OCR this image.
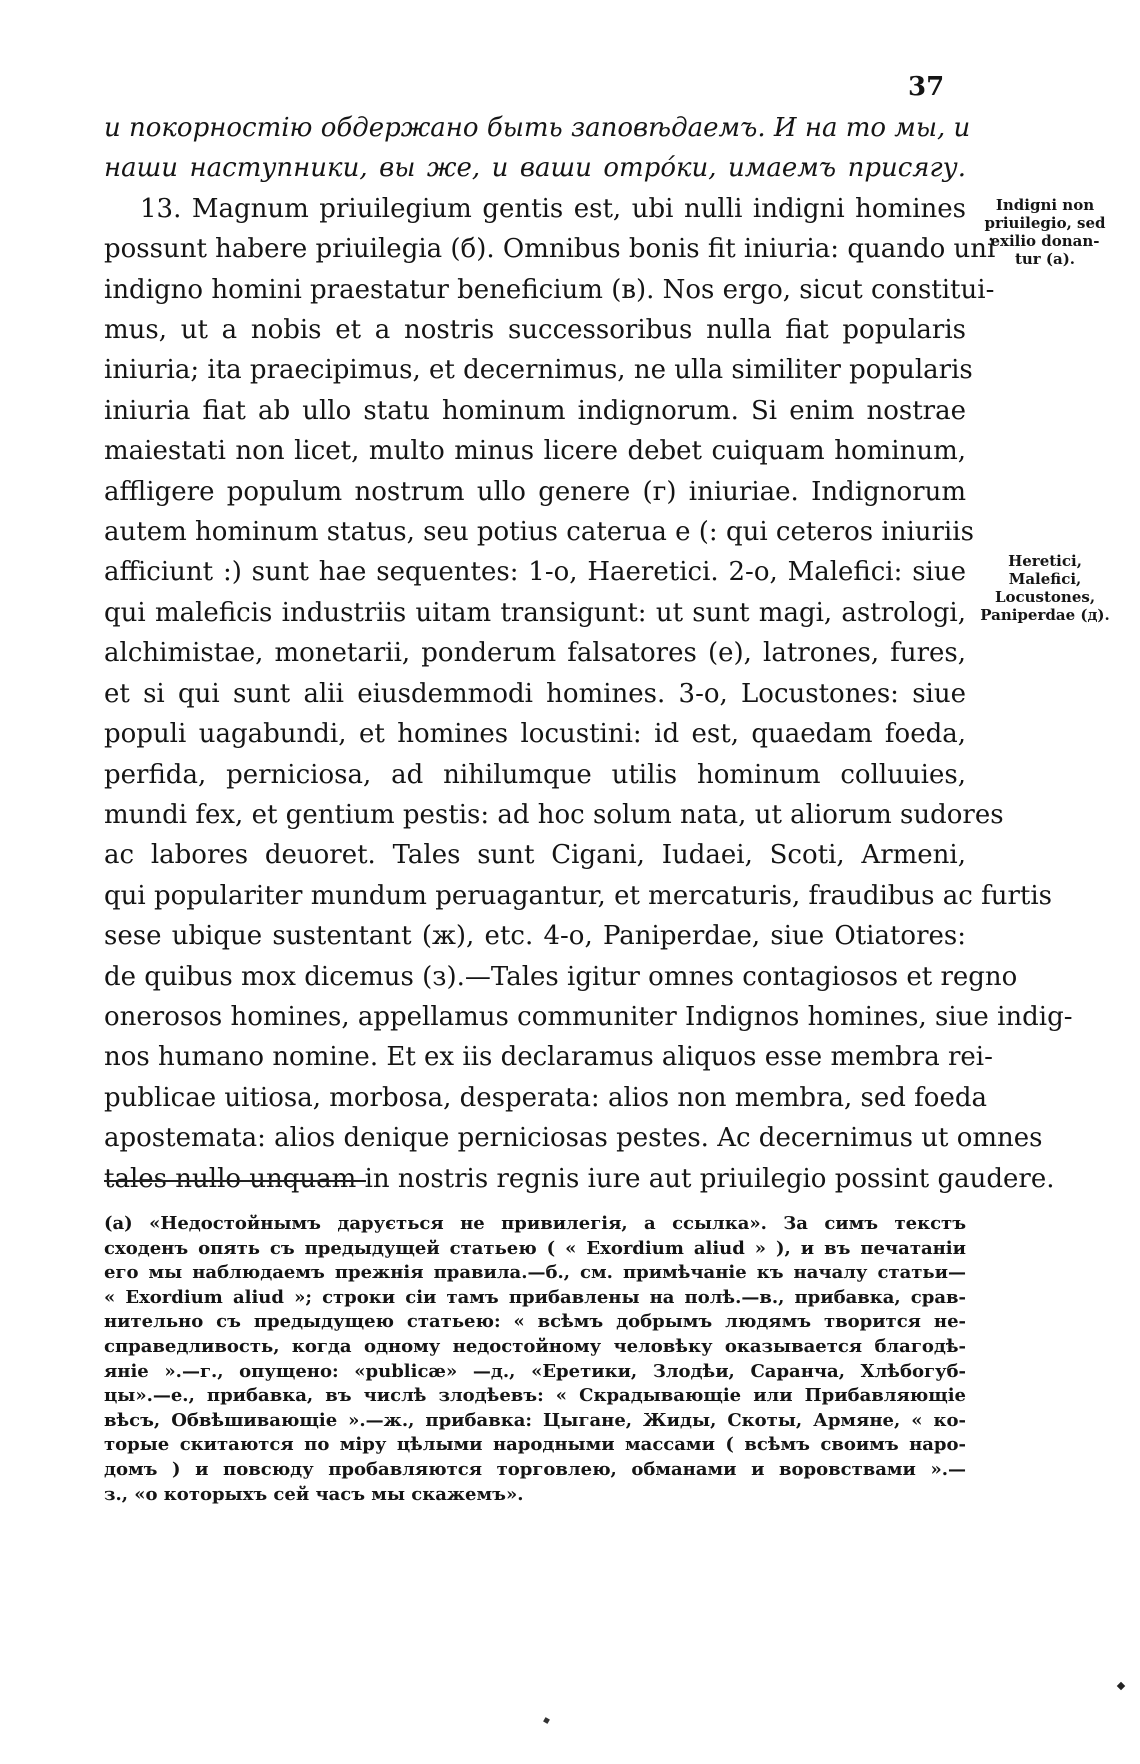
37
и покорностію обдержано быть заповѣдаемъ. И на то мы, и
наши наступники, вы же, и ваши отрóки, имаемъ присягу.
13. Magnum priuilegium gentis est, ubi nulli indigni homines
possunt habere priuilegia (б). Omnibus bonis fit iniuria: quando uni
indigno homini praestatur beneficium (в). Nos ergo, sicut constitui-
mus, ut a nobis et a nostris successoribus nulla fiat popularis
iniuria; ita praecipimus, et decernimus, ne ulla similiter popularis
iniuria fiat ab ullo statu hominum indignorum. Si enim nostrae
maiestati non licet, multo minus licere debet cuiquam hominum,
affligere populum nostrum ullo genere (г) iniuriae. Indignorum
autem hominum status, seu potius caterua e (: qui ceteros iniuriis
afficiunt :) sunt hae sequentes: 1-o, Haeretici. 2-o, Malefici: siue
qui maleficis industriis uitam transigunt: ut sunt magi, astrologi,
alchimistae, monetarii, ponderum falsatores (е), latrones, fures,
et si qui sunt alii eiusdemmodi homines. 3-o, Locustones: siue
populi uagabundi, et homines locustini: id est, quaedam foeda,
perfida, perniciosa, ad nihilumque utilis hominum colluuies,
mundi fex, et gentium pestis: ad hoc solum nata, ut aliorum sudores
ac labores deuoret. Tales sunt Cigani, Iudaei, Scoti, Armeni,
qui populariter mundum peruagantur, et mercaturis, fraudibus ac furtis
sese ubique sustentant (ж), etc. 4-o, Paniperdae, siue Otiatores:
de quibus mox dicemus (з).—Tales igitur omnes contagiosos et regno
onerosos homines, appellamus communiter Indignos homines, siue indig-
nos humano nomine. Et ex iis declaramus aliquos esse membra rei-
publicae uitiosa, morbosa, desperata: alios non membra, sed foeda
apostemata: alios denique perniciosas pestes. Ac decernimus ut omnes
tales nullo unquam in nostris regnis iure aut priuilegio possint gaudere.
Indigni non
priuilegio, sed
exilio donan-
tur (а).
Heretici,
Malefici,
Locustones,
Paniperdae (д).
(а) «Недостойнымъ дарується не привилегія, а ссылка». За симъ текстъ
сходенъ опять съ предыдущей статьею ( « Exordium aliud » ), и въ печатаніи
его мы наблюдаемъ прежнія правила.—б., см. примѣчаніе къ началу статьи—
« Exordium aliud »; строки сіи тамъ прибавлены на полѣ.—в., прибавка, срав-
нительно съ предыдущею статьею: « всѣмъ добрымъ людямъ творится не-
справедливость, когда одному недостойному человѣку оказывается благодѣ-
яніе ».—г., опущено: «publicæ» —д., «Еретики, Злодѣи, Саранча, Хлѣбогуб-
цы».—е., прибавка, въ числѣ злодѣевъ: « Скрадывающіе или Прибавляющіе
вѣсъ, Обвѣшивающіе ».—ж., прибавка: Цыгане, Жиды, Скоты, Армяне, « ко-
торые скитаются по міру цѣлыми народными массами ( всѣмъ своимъ наро-
домъ ) и повсюду пробавляются торговлею, обманами и воровствами ».—
з., «о которыхъ сей часъ мы скажемъ».
